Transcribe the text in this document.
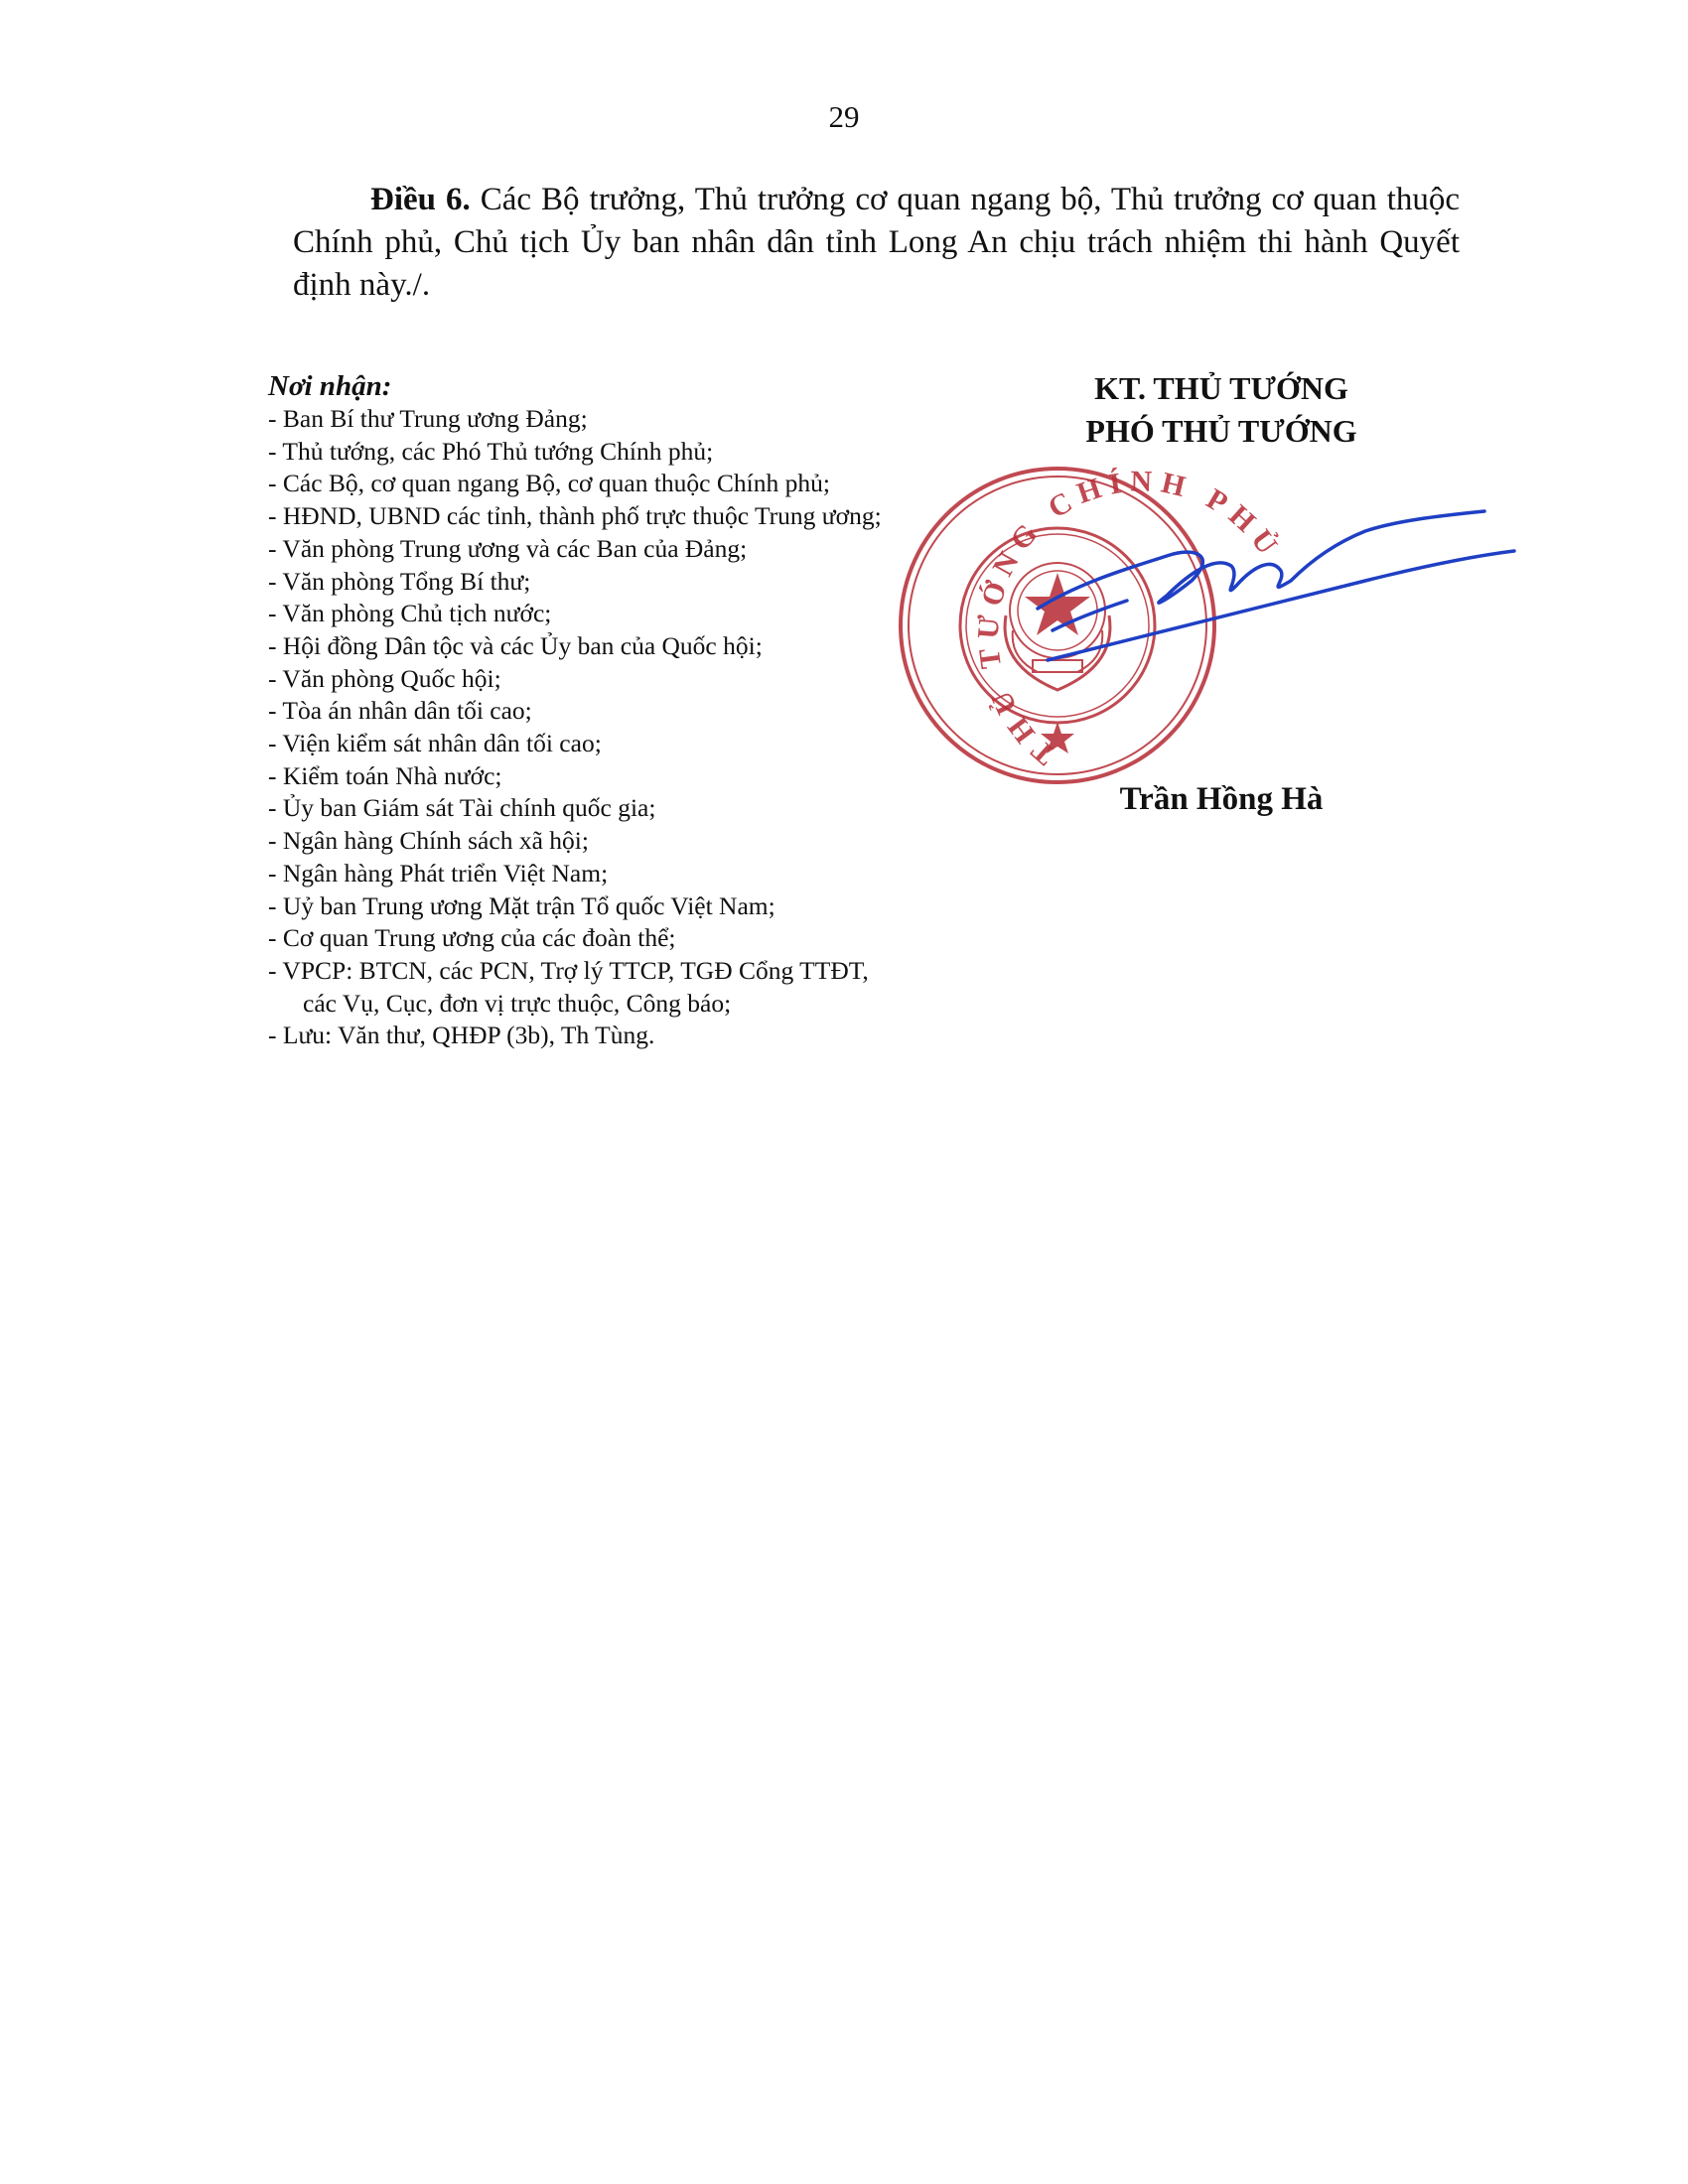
29
Điều 6. Các Bộ trưởng, Thủ trưởng cơ quan ngang bộ, Thủ trưởng cơ quan thuộc Chính phủ, Chủ tịch Ủy ban nhân dân tỉnh Long An chịu trách nhiệm thi hành Quyết định này./.
Nơi nhận:
- Ban Bí thư Trung ương Đảng;
- Thủ tướng, các Phó Thủ tướng Chính phủ;
- Các Bộ, cơ quan ngang Bộ, cơ quan thuộc Chính phủ;
- HĐND, UBND các tỉnh, thành phố trực thuộc Trung ương;
- Văn phòng Trung ương và các Ban của Đảng;
- Văn phòng Tổng Bí thư;
- Văn phòng Chủ tịch nước;
- Hội đồng Dân tộc và các Ủy ban của Quốc hội;
- Văn phòng Quốc hội;
- Tòa án nhân dân tối cao;
- Viện kiểm sát nhân dân tối cao;
- Kiểm toán Nhà nước;
- Ủy ban Giám sát Tài chính quốc gia;
- Ngân hàng Chính sách xã hội;
- Ngân hàng Phát triển Việt Nam;
- Uỷ ban Trung ương Mặt trận Tổ quốc Việt Nam;
- Cơ quan Trung ương của các đoàn thể;
- VPCP: BTCN, các PCN, Trợ lý TTCP, TGĐ Cổng TTĐT,
các Vụ, Cục, đơn vị trực thuộc, Công báo;
- Lưu: Văn thư, QHĐP (3b), Th Tùng.
KT. THỦ TƯỚNG
PHÓ THỦ TƯỚNG
THỦ TƯỚNG CHÍNH PHỦ
Trần Hồng Hà
